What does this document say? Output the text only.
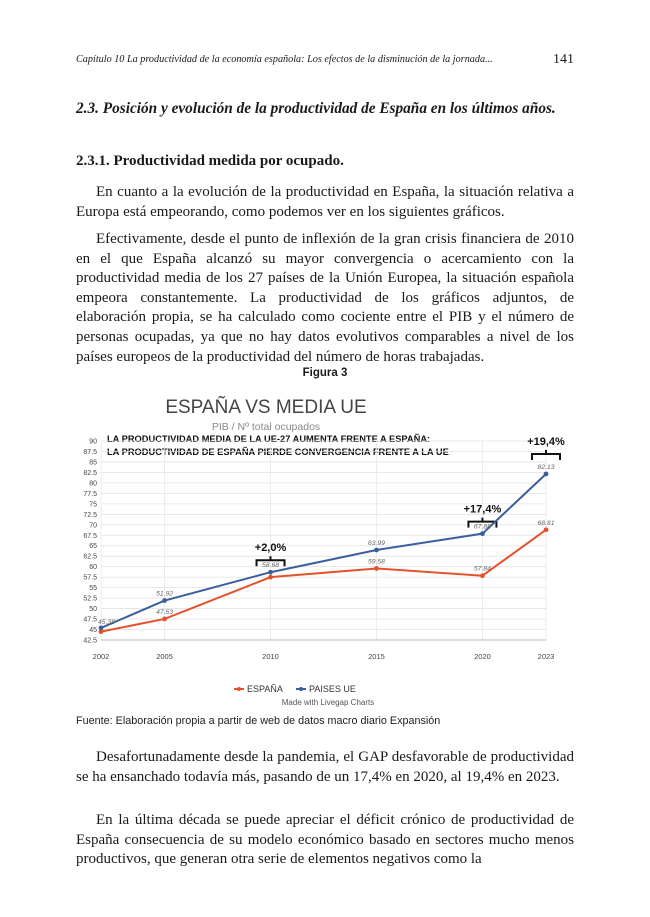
Capítulo 10 La productividad de la economía española: Los efectos de la disminución de la jornada...	141
2.3. Posición y evolución de la productividad de España en los últimos años.
2.3.1. Productividad medida por ocupado.

En cuanto a la evolución de la productividad en España, la situación relativa a Europa está empeorando, como podemos ver en los siguientes gráficos.

Efectivamente, desde el punto de inflexión de la gran crisis financiera de 2010 en el que España alcanzó su mayor convergencia o acercamiento con la productividad media de los 27 países de la Unión Europea, la situación española empeora constantemente. La productividad de los gráficos adjuntos, de elaboración propia, se ha calculado como cociente entre el PIB y el número de personas ocupadas, ya que no hay datos evolutivos comparables a nivel de los países europeos de la productividad del número de horas trabajadas.

Figura 3
ESPAÑA VS MEDIA UE
PIB / Nº total ocupados
LA PRODUCTIVIDAD MEDIA DE LA UE-27 AUMENTA FRENTE A ESPAÑA:
LA PRODUCTIVIDAD DE ESPAÑA PIERDE CONVERGENCIA FRENTE A LA UE
42.5
45
47.5
50
52.5
55
57.5
60
62.5
65
67.5
70
72.5
75
77.5
80
82.5
85
87.5
90
2002	2005	2010	2015	2020	2023
+2,0%
+17,4%
+19,4%
47.53
59.58
57.84
68.81
45.38
51.92
58.68
63.99
67.88
82.13
ESPAÑA	PAISES UE
Made with Livegap Charts
Fuente: Elaboración propia a partir de web de datos macro diario Expansión

Desafortunadamente desde la pandemia, el GAP desfavorable de productividad se ha ensanchado todavía más, pasando de un 17,4% en 2020, al 19,4% en 2023.

En la última década se puede apreciar el déficit crónico de productividad de España consecuencia de su modelo económico basado en sectores mucho menos productivos, que generan otra serie de elementos negativos como la
